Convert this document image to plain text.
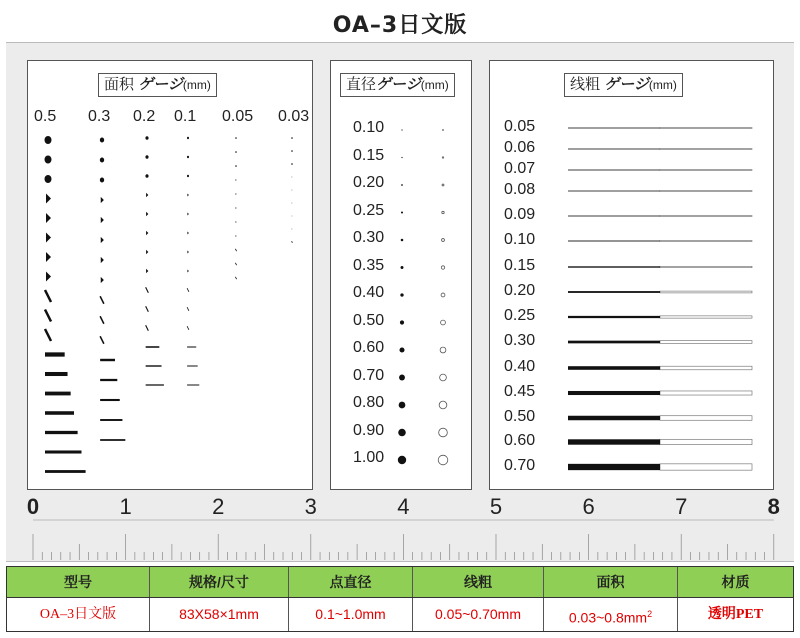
OA–3日文版
面积 ゲージ(mm)
0.5 0.3 0.2 0.1 0.05 0.03
直径ゲージ(mm)
0.10
0.15
0.20
0.25
0.30
0.35
0.40
0.50
0.60
0.70
0.80
0.90
1.00
线粗 ゲージ(mm)
0.05
0.06
0.07
0.08
0.09
0.10
0.15
0.20
0.25
0.30
0.40
0.45
0.50
0.60
0.70
0	1	2	3	4	5	6	7	8
型号	规格/尺寸	点直径	线粗	面积	材质
OA–3日文版	83X58×1mm	0.1~1.0mm	0.05~0.70mm	$0.03\sim 0.8mm^2$	透明PET
